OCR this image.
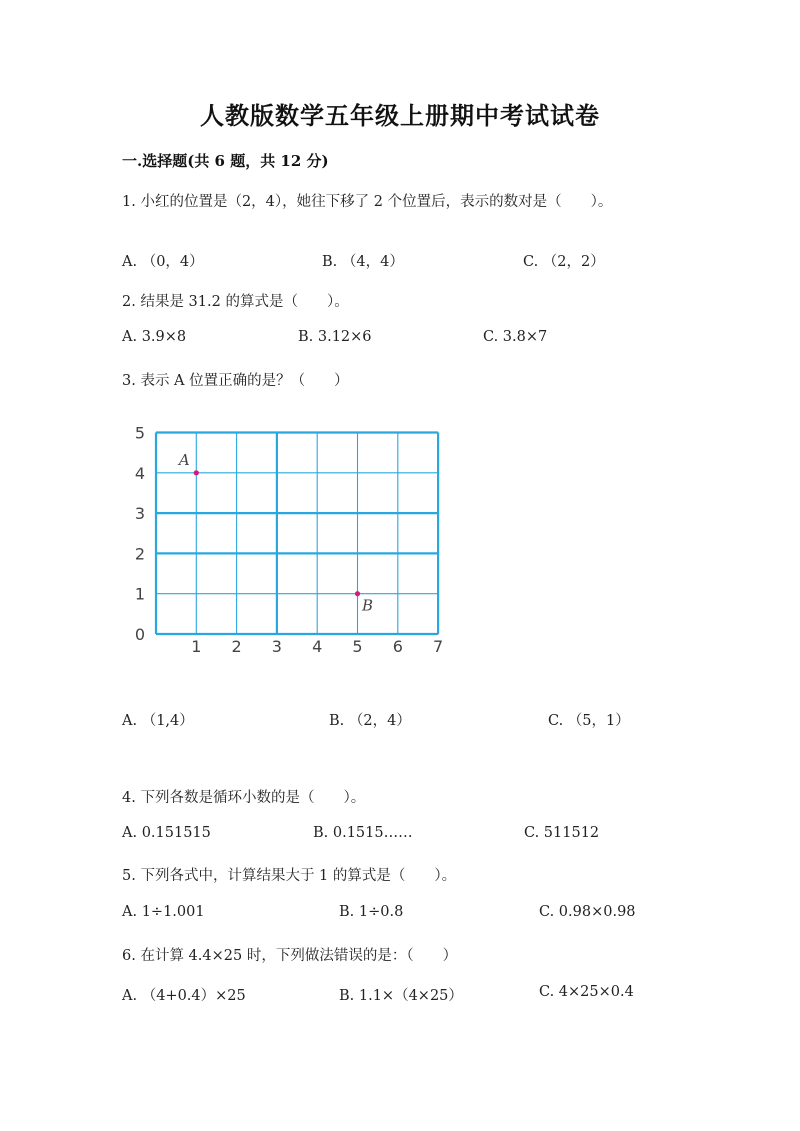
人教版数学五年级上册期中考试试卷
一.选择题(共 6 题，共 12 分)
1. 小红的位置是（2，4），她往下移了 2 个位置后，表示的数对是（　　）。
A. （0，4）	B. （4，4）	C. （2，2）
2. 结果是 31.2 的算式是（　　）。
A. 3.9×8	B. 3.12×6	C. 3.8×7
3. 表示 A 位置正确的是？（　　）
1 2 3 4 5 6 7
0
1
2
3
4
5
A
B
A. （1,4）	B. （2，4）	C. （5，1）
4. 下列各数是循环小数的是（　　）。
A. 0.151515	B. 0.1515……	C. 511512
5. 下列各式中，计算结果大于 1 的算式是（　　）。
A. 1÷1.001	B. 1÷0.8	C. 0.98×0.98
6. 在计算 4.4×25 时，下列做法错误的是：（　　）
A. （4+0.4）×25	B. 1.1×（4×25）	C. 4×25×0.4
